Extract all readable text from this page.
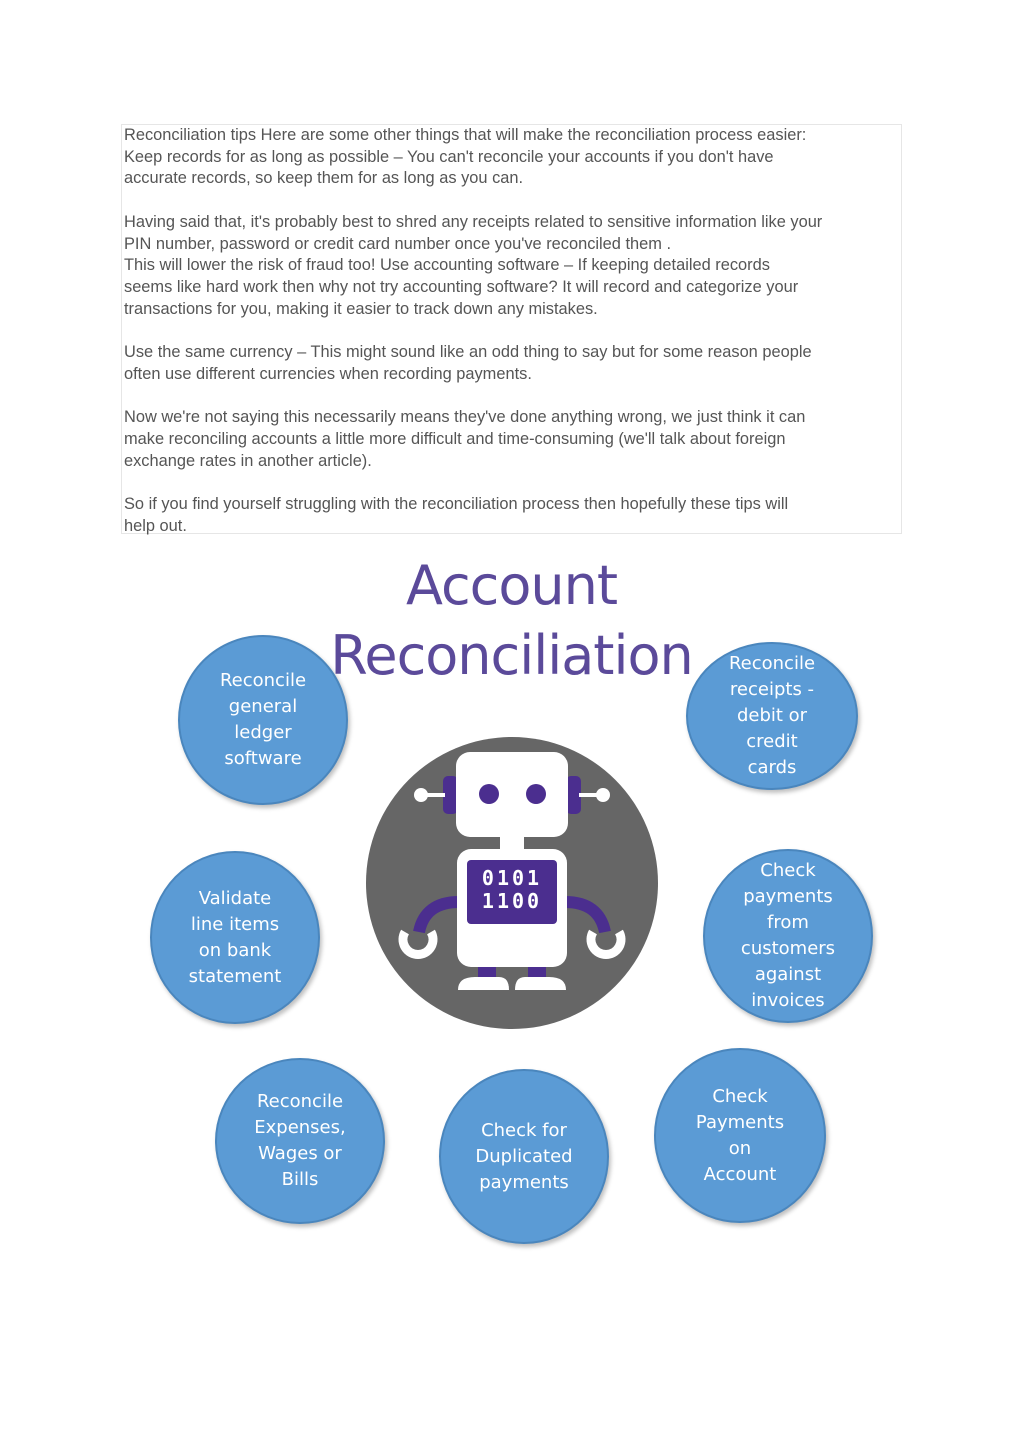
Reconciliation tips Here are some other things that will make the reconciliation process easier:
Keep records for as long as possible – You can't reconcile your accounts if you don't have
accurate records, so keep them for as long as you can.

Having said that, it's probably best to shred any receipts related to sensitive information like your
PIN number, password or credit card number once you've reconciled them .
This will lower the risk of fraud too! Use accounting software – If keeping detailed records
seems like hard work then why not try accounting software? It will record and categorize your
transactions for you, making it easier to track down any mistakes.

Use the same currency – This might sound like an odd thing to say but for some reason people
often use different currencies when recording payments.

Now we're not saying this necessarily means they've done anything wrong, we just think it can
make reconciling accounts a little more difficult and time-consuming (we'll talk about foreign
exchange rates in another article).

So if you find yourself struggling with the reconciliation process then hopefully these tips will
help out.

Account
Reconciliation
0101
1100
Reconcile
general
ledger
software
Reconcile
receipts -
debit or
credit
cards
Validate
line items
on bank
statement
Check
payments
from
customers
against
invoices
Reconcile
Expenses,
Wages or
Bills
Check for
Duplicated
payments
Check
Payments
on
Account
